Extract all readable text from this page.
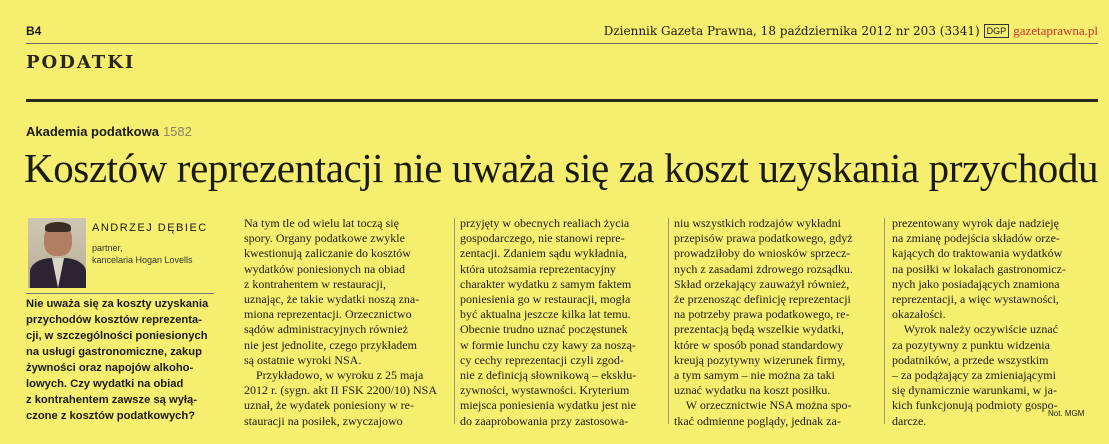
B4	Dziennik Gazeta Prawna, 18 października 2012 nr 203 (3341) DGP gazetaprawna.pl
PODATKI
Akademia podatkowa 1582
Kosztów reprezentacji nie uważa się za koszt uzyskania przychodu
ANDRZEJ DĘBIEC
partner,
kancelaria Hogan Lovells

Nie uważa się za koszty uzyskania
przychodów kosztów reprezenta-
cji, w szczególności poniesionych
na usługi gastronomiczne, zakup
żywności oraz napojów alkoho-
lowych. Czy wydatki na obiad
z kontrahentem zawsze są wyłą-
czone z kosztów podatkowych?

Na tym tle od wielu lat toczą się
spory. Organy podatkowe zwykle
kwestionują zaliczanie do kosztów
wydatków poniesionych na obiad
z kontrahentem w restauracji,
uznając, że takie wydatki noszą zna-
miona reprezentacji. Orzecznictwo
sądów administracyjnych również
nie jest jednolite, czego przykładem
są ostatnie wyroki NSA.
Przykładowo, w wyroku z 25 maja
2012 r. (sygn. akt II FSK 2200/10) NSA
uznał, że wydatek poniesiony w re-
stauracji na posiłek, zwyczajowo

przyjęty w obecnych realiach życia
gospodarczego, nie stanowi repre-
zentacji. Zdaniem sądu wykładnia,
która utożsamia reprezentacyjny
charakter wydatku z samym faktem
poniesienia go w restauracji, mogła
być aktualna jeszcze kilka lat temu.
Obecnie trudno uznać poczęstunek
w formie lunchu czy kawy za noszą-
cy cechy reprezentacji czyli zgod-
nie z definicją słownikową – ekskłu-
zywności, wystawności. Kryterium
miejsca poniesienia wydatku jest nie
do zaaprobowania przy zastosowa-

niu wszystkich rodzajów wykładni
przepisów prawa podatkowego, gdyż
prowadziłoby do wniosków sprzecz-
nych z zasadami zdrowego rozsądku.
Skład orzekający zauważył również,
że przenosząc definicję reprezentacji
na potrzeby prawa podatkowego, re-
prezentacją będą wszelkie wydatki,
które w sposób ponad standardowy
kreują pozytywny wizerunek firmy,
a tym samym – nie można za taki
uznać wydatku na koszt posiłku.
W orzecznictwie NSA można spo-
tkać odmienne poglądy, jednak za-

prezentowany wyrok daje nadzieję
na zmianę podejścia składów orze-
kających do traktowania wydatków
na posiłki w lokalach gastronomicz-
nych jako posiadających znamiona
reprezentacji, a więc wystawności,
okazałości.
Wyrok należy oczywiście uznać
za pozytywny z punktu widzenia
podatników, a przede wszystkim
– za podążający za zmieniającymi
się dynamicznie warunkami, w ja-
kich funkcjonują podmioty gospo-
darcze.

Not. MGM
